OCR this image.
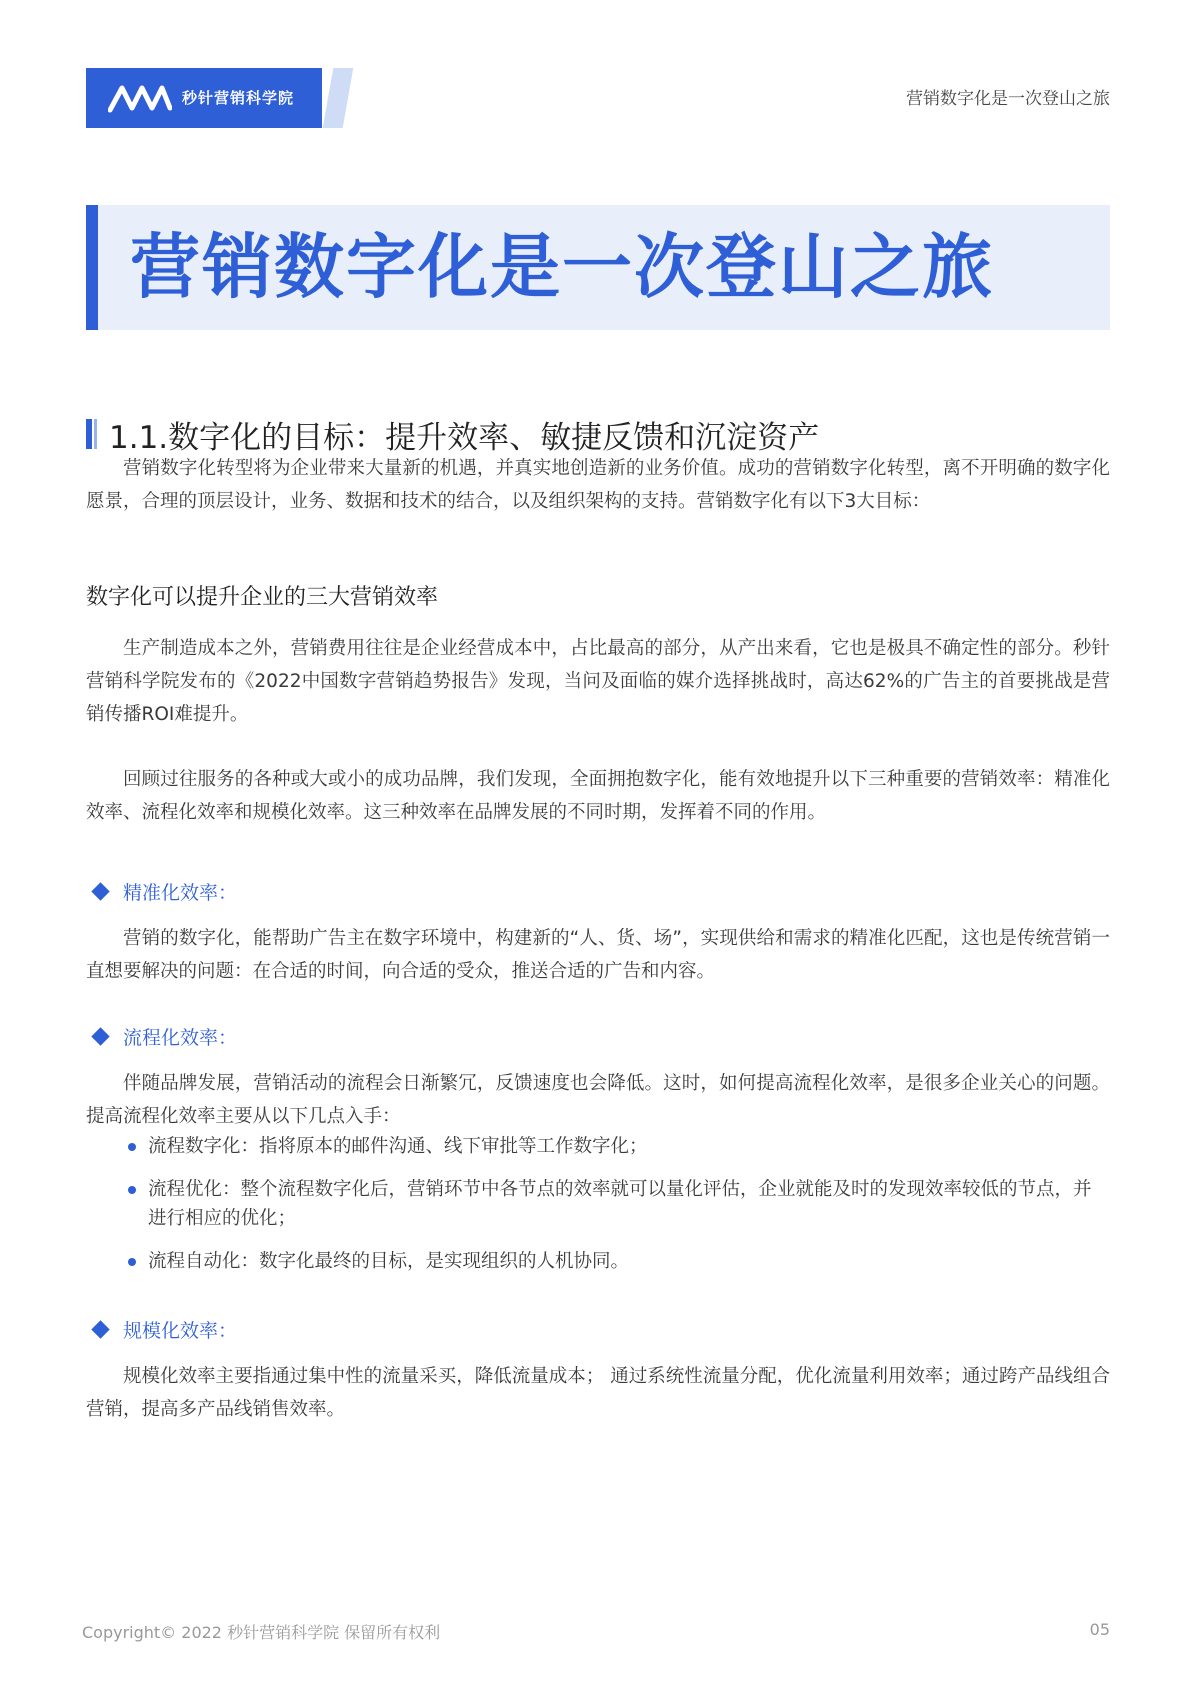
秒针营销科学院	营销数字化是一次登山之旅
营销数字化是一次登山之旅
1.1.数字化的目标：提升效率、敏捷反馈和沉淀资产

营销数字化转型将为企业带来大量新的机遇，并真实地创造新的业务价值。成功的营销数字化转型，离不开明确的数字化愿景，合理的顶层设计，业务、数据和技术的结合，以及组织架构的支持。营销数字化有以下3大目标：

数字化可以提升企业的三大营销效率

生产制造成本之外，营销费用往往是企业经营成本中，占比最高的部分，从产出来看，它也是极具不确定性的部分。秒针营销科学院发布的《2022中国数字营销趋势报告》发现，当问及面临的媒介选择挑战时，高达62%的广告主的首要挑战是营销传播ROI难提升。

回顾过往服务的各种或大或小的成功品牌，我们发现，全面拥抱数字化，能有效地提升以下三种重要的营销效率：精准化效率、流程化效率和规模化效率。这三种效率在品牌发展的不同时期，发挥着不同的作用。

精准化效率：

营销的数字化，能帮助广告主在数字环境中，构建新的“人、货、场”，实现供给和需求的精准化匹配，这也是传统营销一直想要解决的问题：在合适的时间，向合适的受众，推送合适的广告和内容。

流程化效率：

伴随品牌发展，营销活动的流程会日渐繁冗，反馈速度也会降低。这时，如何提高流程化效率，是很多企业关心的问题。提高流程化效率主要从以下几点入手：

流程数字化：指将原本的邮件沟通、线下审批等工作数字化；
流程优化：整个流程数字化后，营销环节中各节点的效率就可以量化评估，企业就能及时的发现效率较低的节点，并进行相应的优化；
流程自动化：数字化最终的目标，是实现组织的人机协同。
规模化效率：

规模化效率主要指通过集中性的流量采买，降低流量成本； 通过系统性流量分配，优化流量利用效率；通过跨产品线组合营销，提高多产品线销售效率。

Copyright© 2022 秒针营销科学院 保留所有权利	05
